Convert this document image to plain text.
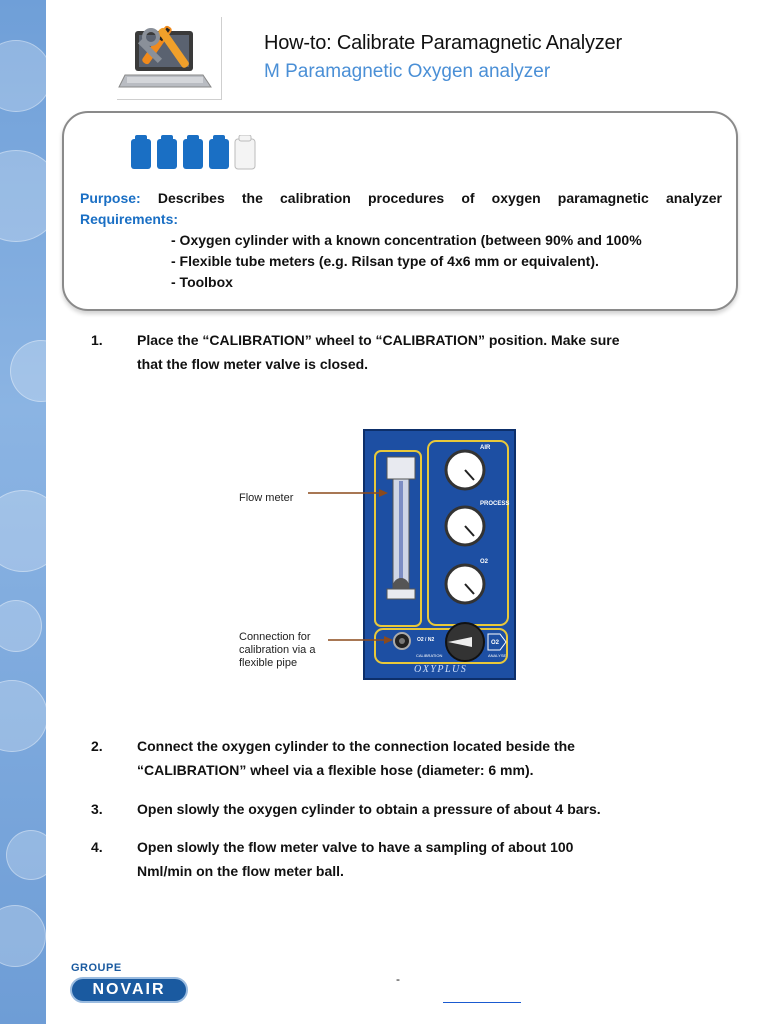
How-to: Calibrate Paramagnetic Analyzer
M Paramagnetic Oxygen analyzer
Purpose: Describes the calibration procedures of oxygen paramagnetic analyzer
Requirements:
- Oxygen cylinder with a known concentration (between 90% and 100%
- Flexible tube meters (e.g. Rilsan type of 4x6 mm or equivalent).
- Toolbox
1. Place the “CALIBRATION” wheel to “CALIBRATION” position. Make sure
that the flow meter valve is closed.
AIR
PROCESS
O2
O2 / N2	O2
CALIBRATION	ANALYSE
OXYPLUS
Flow meter
Connection for
calibration via a
flexible pipe
2. Connect the oxygen cylinder to the connection located beside the
“CALIBRATION” wheel via a flexible hose (diameter: 6 mm).
3. Open slowly the oxygen cylinder to obtain a pressure of about 4 bars.
4. Open slowly the flow meter valve to have a sampling of about 100
Nml/min on the flow meter ball.
GROUPE
NOVAIR
-
